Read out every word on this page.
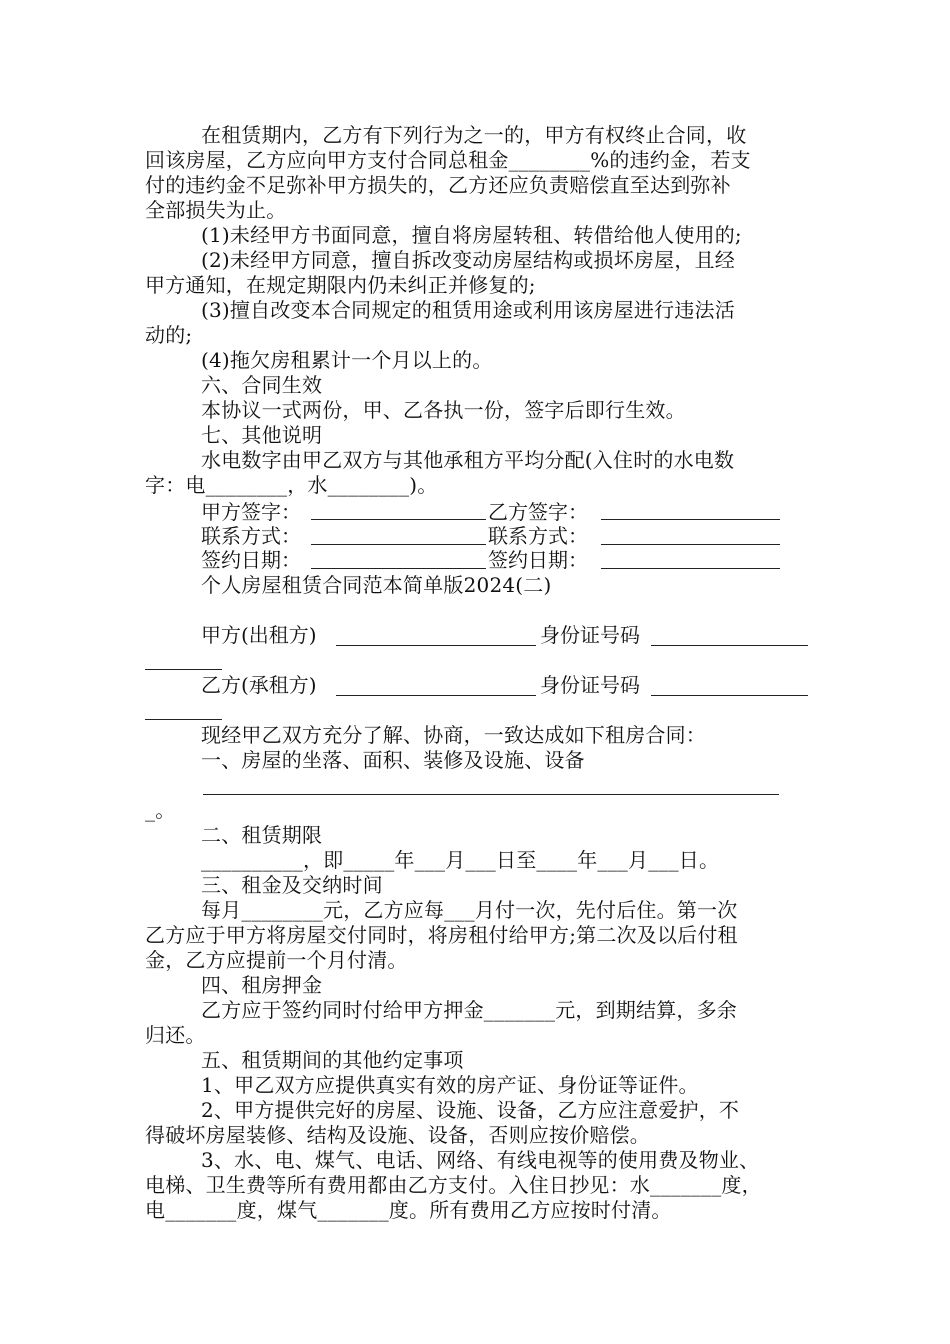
在租赁期内，乙方有下列行为之一的，甲方有权终止合同，收
回该房屋，乙方应向甲方支付合同总租金________%的违约金，若支
付的违约金不足弥补甲方损失的，乙方还应负责赔偿直至达到弥补
全部损失为止。
(1)未经甲方书面同意，擅自将房屋转租、转借给他人使用的;
(2)未经甲方同意，擅自拆改变动房屋结构或损坏房屋，且经
甲方通知，在规定期限内仍未纠正并修复的;
(3)擅自改变本合同规定的租赁用途或利用该房屋进行违法活
动的;
(4)拖欠房租累计一个月以上的。
六、合同生效
本协议一式两份，甲、乙各执一份，签字后即行生效。
七、其他说明
水电数字由甲乙双方与其他承租方平均分配(入住时的水电数
字：电________，水________)。
甲方签字：	乙方签字：
联系方式：	联系方式：
签约日期：	签约日期：
个人房屋租赁合同范本简单版2024(二)
甲方(出租方)	身份证号码
乙方(承租方)	身份证号码
现经甲乙双方充分了解、协商，一致达成如下租房合同：
一、房屋的坐落、面积、装修及设施、设备
_。
二、租赁期限
__________，即_____年___月___日至____年___月___日。
三、租金及交纳时间
每月________元，乙方应每___月付一次，先付后住。第一次
乙方应于甲方将房屋交付同时，将房租付给甲方;第二次及以后付租
金，乙方应提前一个月付清。
四、租房押金
乙方应于签约同时付给甲方押金_______元，到期结算，多余
归还。
五、租赁期间的其他约定事项
1、甲乙双方应提供真实有效的房产证、身份证等证件。
2、甲方提供完好的房屋、设施、设备，乙方应注意爱护，不
得破坏房屋装修、结构及设施、设备，否则应按价赔偿。
3、水、电、煤气、电话、网络、有线电视等的使用费及物业、
电梯、卫生费等所有费用都由乙方支付。入住日抄见：水_______度，
电_______度，煤气_______度。所有费用乙方应按时付清。
